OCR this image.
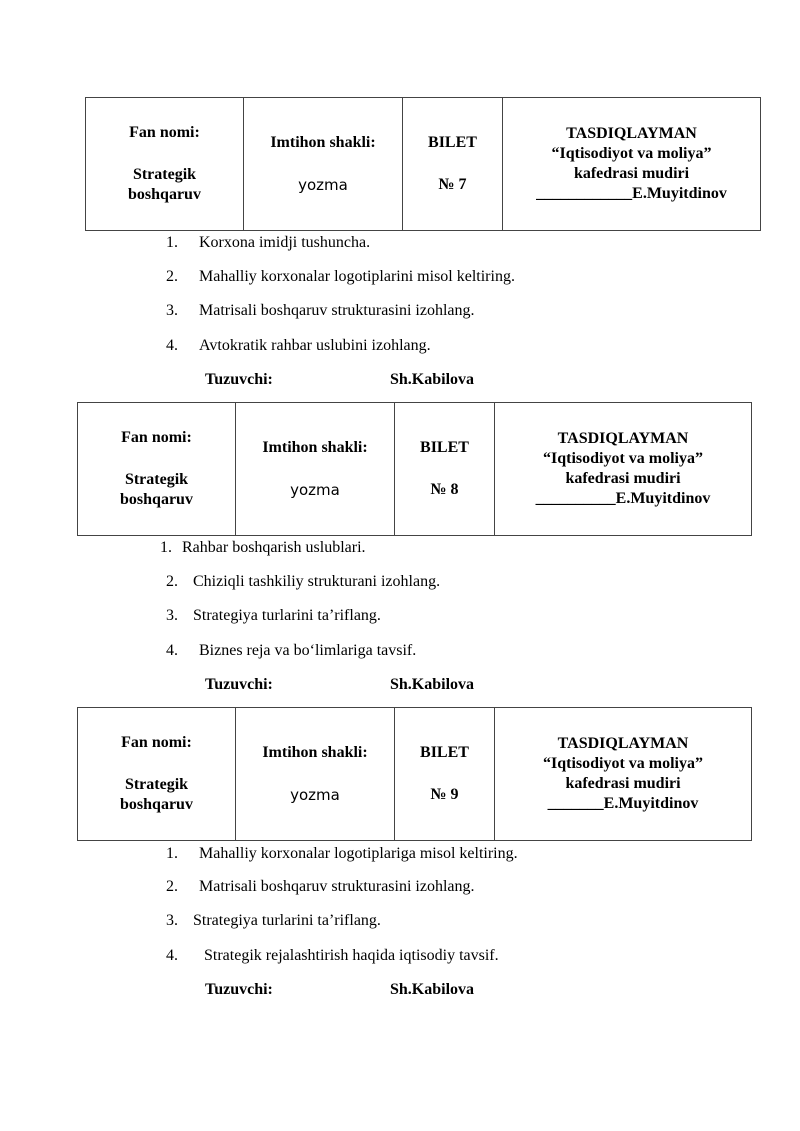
Fan nomi:
Strategik
boshqaruv

Imtihon shakli:
yozma

BILET
№ 7

TASDIQLAYMAN
“Iqtisodiyot va moliya”
kafedrasi mudiri
____________E.Muyitdinov
1. Korxona imidji tushuncha.
2. Mahalliy korxonalar logotiplarini misol keltiring.
3. Matrisali boshqaruv strukturasini izohlang.
4. Avtokratik rahbar uslubini izohlang.
Tuzuvchi:	Sh.Kabilova
Fan nomi:
Strategik
boshqaruv

Imtihon shakli:
yozma

BILET
№ 8

TASDIQLAYMAN
“Iqtisodiyot va moliya”
kafedrasi mudiri
__________E.Muyitdinov
1. Rahbar boshqarish uslublari.
2. Chiziqli tashkiliy strukturani izohlang.
3. Strategiya turlarini ta’riflang.
4. Biznes reja va bo‘limlariga tavsif.
Tuzuvchi:	Sh.Kabilova
Fan nomi:
Strategik
boshqaruv

Imtihon shakli:
yozma

BILET
№ 9

TASDIQLAYMAN
“Iqtisodiyot va moliya”
kafedrasi mudiri
_______E.Muyitdinov
1. Mahalliy korxonalar logotiplariga misol keltiring.
2. Matrisali boshqaruv strukturasini izohlang.
3. Strategiya turlarini ta’riflang.
4. Strategik rejalashtirish haqida iqtisodiy tavsif.
Tuzuvchi:	Sh.Kabilova
